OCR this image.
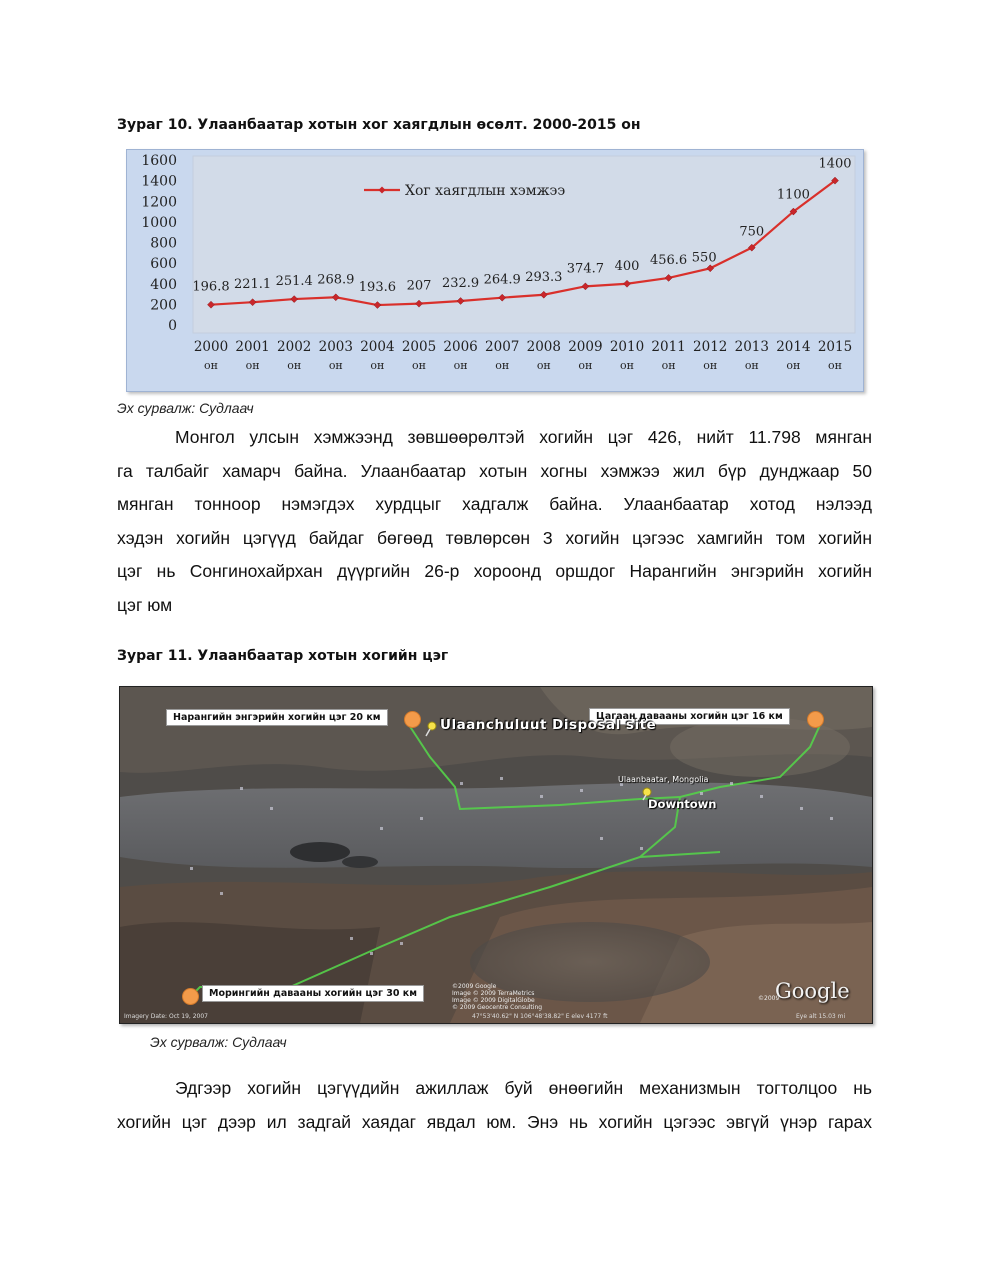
Зураг 10. Улаанбаатар хотын хог хаягдлын өсөлт. 2000-2015 он
1600
1400
1200
1000
800
600
400
200
0
196.8 221.1 251.4 268.9
193.6 207 232.9 264.9 293.3
374.7 400 456.6 550
750
1100
1400
2000
он
2001
он
2002
он
2003
он
2004
он
2005
он
2006
он
2007
он
2008
он
2009
он
2010
он
2011
он
2012
он
2013
он
2014
он
2015
он
Хог хаягдлын хэмжээ
Эх сурвалж: Судлаач
Монгол улсын хэмжээнд зөвшөөрөлтэй хогийн цэг 426, нийт 11.798 мянган
га талбайг хамарч байна. Улаанбаатар хотын хогны хэмжээ жил бүр дунджаар 50
мянган тонноор нэмэгдэх хурдцыг хадгалж байна. Улаанбаатар хотод нэлээд
хэдэн хогийн цэгүүд байдаг бөгөөд төвлөрсөн 3 хогийн цэгээс хамгийн том хогийн
цэг нь Сонгинохайрхан дүүргийн 26-р хороонд оршдог Нарангийн энгэрийн хогийн
цэг юм
Зураг 11. Улаанбаатар хотын хогийн цэг
Нарангийн энгэрийн хогийн цэг 20 км	Цагаан давааны хогийн цэг 16 км
Морингийн давааны хогийн цэг 30 км
Ulaanchuluut Disposal site
Ulaanbaatar, Mongolia
Downtown
©2009 Google
Image © 2009 TerraMetrics
Image © 2009 DigitalGlobe
© 2009 Geocentre Consulting
©2009
Google
Imagery Date: Oct 19, 2007	47°53'40.62" N 106°48'38.82" E elev 4177 ft	Eye alt 15.03 mi
Эх сурвалж: Судлаач
Эдгээр хогийн цэгүүдийн ажиллаж буй өнөөгийн механизмын тогтолцоо нь
хогийн цэг дээр ил задгай хаядаг явдал юм. Энэ нь хогийн цэгээс эвгүй үнэр гарах
